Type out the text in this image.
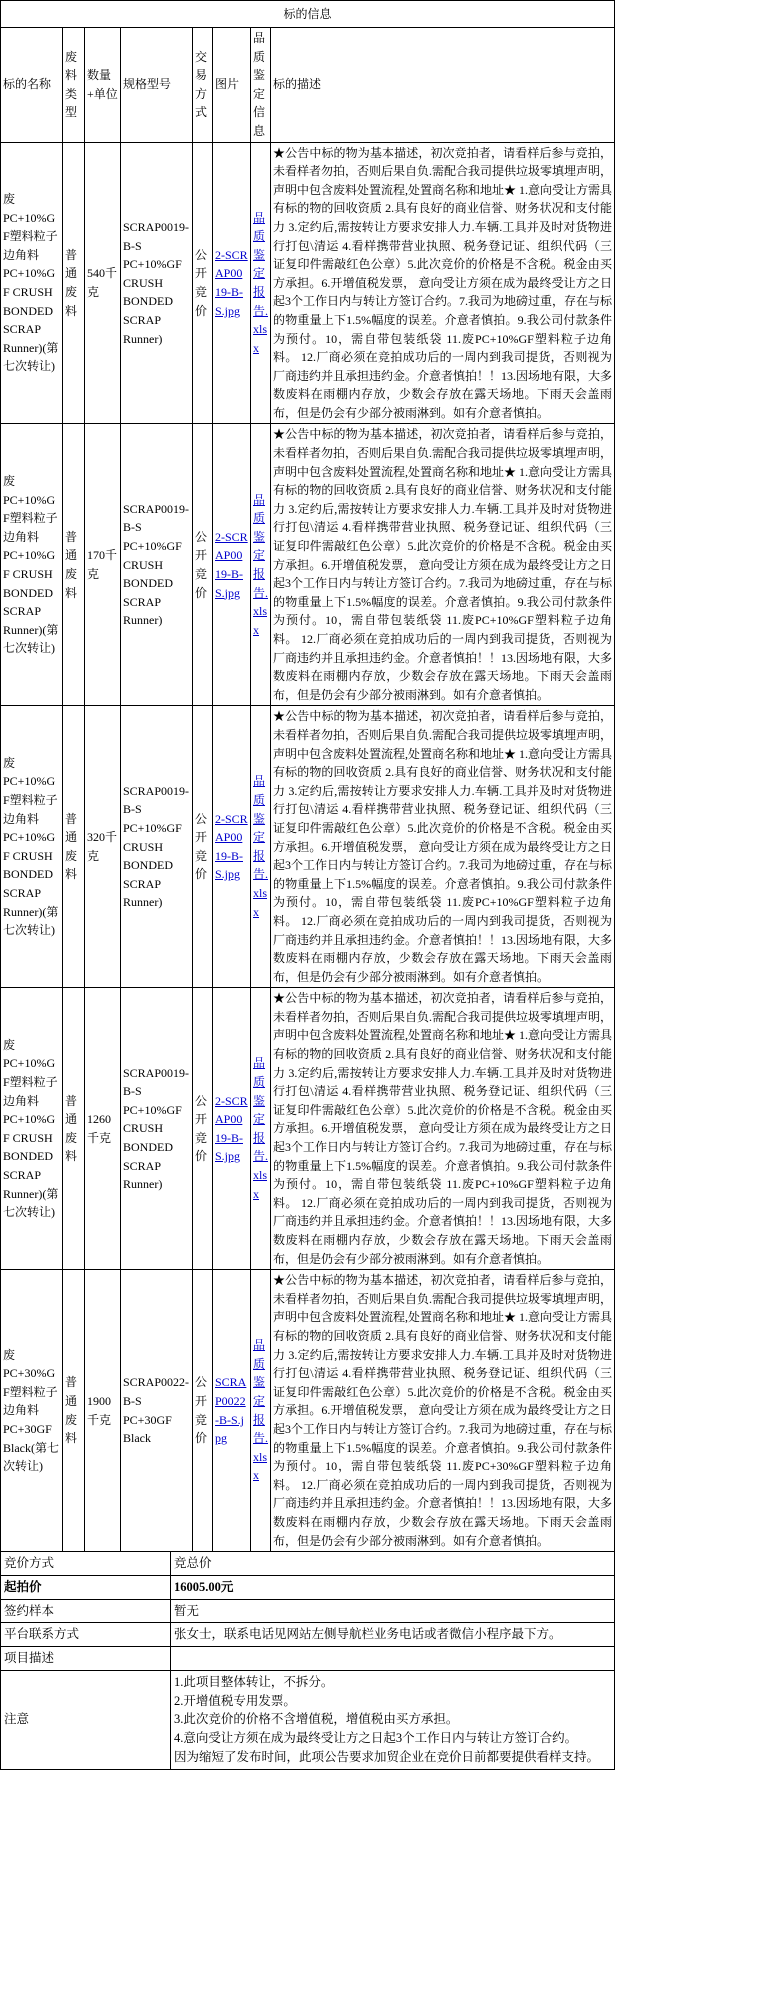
标的信息							
标的名称	废料类型	数量+单位	规格型号	交易方式	图片	品质鉴定信息	标的描述
废PC+10%GF塑料粒子边角料PC+10%GF CRUSH BONDED SCRAP Runner)(第七次转让)	普通废料	540千克	SCRAP0019-B-S PC+10%GF CRUSH BONDED SCRAP Runner)	公开竞价	2-SCRAP0019-B-S.jpg	品质鉴定报告.xlsx	★公告中标的物为基本描述，初次竞拍者，请看样后参与竞拍，未看样者勿拍，否则后果自负.需配合我司提供垃圾零填埋声明，声明中包含废料处置流程,处置商名称和地址★ 1.意向受让方需具有标的物的回收资质 2.具有良好的商业信誉、财务状况和支付能力 3.定约后,需按转让方要求安排人力.车辆.工具并及时对货物进行打包\清运 4.看样携带营业执照、税务登记证、组织代码（三证复印件需敲红色公章）5.此次竞价的价格是不含税。税金由买方承担。6.开增值税发票， 意向受让方须在成为最终受让方之日起3个工作日内与转让方签订合约。7.我司为地磅过重，存在与标的物重量上下1.5%幅度的误差。介意者慎拍。9.我公司付款条件为预付。10，需自带包装纸袋 11.废PC+10%GF塑料粒子边角料。 12.厂商必须在竞拍成功后的一周内到我司提货，否则视为厂商违约并且承担违约金。介意者慎拍！！13.因场地有限，大多数废料在雨棚内存放，少数会存放在露天场地。下雨天会盖雨布，但是仍会有少部分被雨淋到。如有介意者慎拍。

废PC+10%GF塑料粒子边角料PC+10%GF CRUSH BONDED SCRAP Runner)(第七次转让)	普通废料	170千克	SCRAP0019-B-S PC+10%GF CRUSH BONDED SCRAP Runner)	公开竞价	2-SCRAP0019-B-S.jpg	品质鉴定报告.xlsx	★公告中标的物为基本描述，初次竞拍者，请看样后参与竞拍，未看样者勿拍，否则后果自负.需配合我司提供垃圾零填埋声明，声明中包含废料处置流程,处置商名称和地址★ 1.意向受让方需具有标的物的回收资质 2.具有良好的商业信誉、财务状况和支付能力 3.定约后,需按转让方要求安排人力.车辆.工具并及时对货物进行打包\清运 4.看样携带营业执照、税务登记证、组织代码（三证复印件需敲红色公章）5.此次竞价的价格是不含税。税金由买方承担。6.开增值税发票， 意向受让方须在成为最终受让方之日起3个工作日内与转让方签订合约。7.我司为地磅过重，存在与标的物重量上下1.5%幅度的误差。介意者慎拍。9.我公司付款条件为预付。10，需自带包装纸袋 11.废PC+10%GF塑料粒子边角料。 12.厂商必须在竞拍成功后的一周内到我司提货，否则视为厂商违约并且承担违约金。介意者慎拍！！13.因场地有限，大多数废料在雨棚内存放，少数会存放在露天场地。下雨天会盖雨布，但是仍会有少部分被雨淋到。如有介意者慎拍。

废PC+10%GF塑料粒子边角料PC+10%GF CRUSH BONDED SCRAP Runner)(第七次转让)	普通废料	320千克	SCRAP0019-B-S PC+10%GF CRUSH BONDED SCRAP Runner)	公开竞价	2-SCRAP0019-B-S.jpg	品质鉴定报告.xlsx	★公告中标的物为基本描述，初次竞拍者，请看样后参与竞拍，未看样者勿拍，否则后果自负.需配合我司提供垃圾零填埋声明，声明中包含废料处置流程,处置商名称和地址★ 1.意向受让方需具有标的物的回收资质 2.具有良好的商业信誉、财务状况和支付能力 3.定约后,需按转让方要求安排人力.车辆.工具并及时对货物进行打包\清运 4.看样携带营业执照、税务登记证、组织代码（三证复印件需敲红色公章）5.此次竞价的价格是不含税。税金由买方承担。6.开增值税发票， 意向受让方须在成为最终受让方之日起3个工作日内与转让方签订合约。7.我司为地磅过重，存在与标的物重量上下1.5%幅度的误差。介意者慎拍。9.我公司付款条件为预付。10，需自带包装纸袋 11.废PC+10%GF塑料粒子边角料。 12.厂商必须在竞拍成功后的一周内到我司提货，否则视为厂商违约并且承担违约金。介意者慎拍！！13.因场地有限，大多数废料在雨棚内存放，少数会存放在露天场地。下雨天会盖雨布，但是仍会有少部分被雨淋到。如有介意者慎拍。

废PC+10%GF塑料粒子边角料PC+10%GF CRUSH BONDED SCRAP Runner)(第七次转让)	普通废料	1260千克	SCRAP0019-B-S PC+10%GF CRUSH BONDED SCRAP Runner)	公开竞价	2-SCRAP0019-B-S.jpg	品质鉴定报告.xlsx	★公告中标的物为基本描述，初次竞拍者，请看样后参与竞拍，未看样者勿拍，否则后果自负.需配合我司提供垃圾零填埋声明，声明中包含废料处置流程,处置商名称和地址★ 1.意向受让方需具有标的物的回收资质 2.具有良好的商业信誉、财务状况和支付能力 3.定约后,需按转让方要求安排人力.车辆.工具并及时对货物进行打包\清运 4.看样携带营业执照、税务登记证、组织代码（三证复印件需敲红色公章）5.此次竞价的价格是不含税。税金由买方承担。6.开增值税发票， 意向受让方须在成为最终受让方之日起3个工作日内与转让方签订合约。7.我司为地磅过重，存在与标的物重量上下1.5%幅度的误差。介意者慎拍。9.我公司付款条件为预付。10，需自带包装纸袋 11.废PC+10%GF塑料粒子边角料。 12.厂商必须在竞拍成功后的一周内到我司提货，否则视为厂商违约并且承担违约金。介意者慎拍！！13.因场地有限，大多数废料在雨棚内存放，少数会存放在露天场地。下雨天会盖雨布，但是仍会有少部分被雨淋到。如有介意者慎拍。

废PC+30%GF塑料粒子边角料PC+30GF Black(第七次转让)	普通废料	1900千克	SCRAP0022-B-S PC+30GF Black	公开竞价	SCRAP0022-B-S.jpg	品质鉴定报告.xlsx	★公告中标的物为基本描述，初次竞拍者，请看样后参与竞拍，未看样者勿拍，否则后果自负.需配合我司提供垃圾零填埋声明，声明中包含废料处置流程,处置商名称和地址★ 1.意向受让方需具有标的物的回收资质 2.具有良好的商业信誉、财务状况和支付能力 3.定约后,需按转让方要求安排人力.车辆.工具并及时对货物进行打包\清运 4.看样携带营业执照、税务登记证、组织代码（三证复印件需敲红色公章）5.此次竞价的价格是不含税。税金由买方承担。6.开增值税发票， 意向受让方须在成为最终受让方之日起3个工作日内与转让方签订合约。7.我司为地磅过重，存在与标的物重量上下1.5%幅度的误差。介意者慎拍。9.我公司付款条件为预付。10，需自带包装纸袋 11.废PC+30%GF塑料粒子边角料。 12.厂商必须在竞拍成功后的一周内到我司提货，否则视为厂商违约并且承担违约金。介意者慎拍！！13.因场地有限，大多数废料在雨棚内存放，少数会存放在露天场地。下雨天会盖雨布，但是仍会有少部分被雨淋到。如有介意者慎拍。
竞价方式	竞总价
起拍价	16005.00元
签约样本	暂无
平台联系方式	张女士，联系电话见网站左侧导航栏业务电话或者微信小程序最下方。
项目描述	
注意	1.此项目整体转让，不拆分。
2.开增值税专用发票。
3.此次竞价的价格不含增值税，增值税由买方承担。
4.意向受让方须在成为最终受让方之日起3个工作日内与转让方签订合约。
因为缩短了发布时间，此项公告要求加贸企业在竞价日前都要提供看样支持。
